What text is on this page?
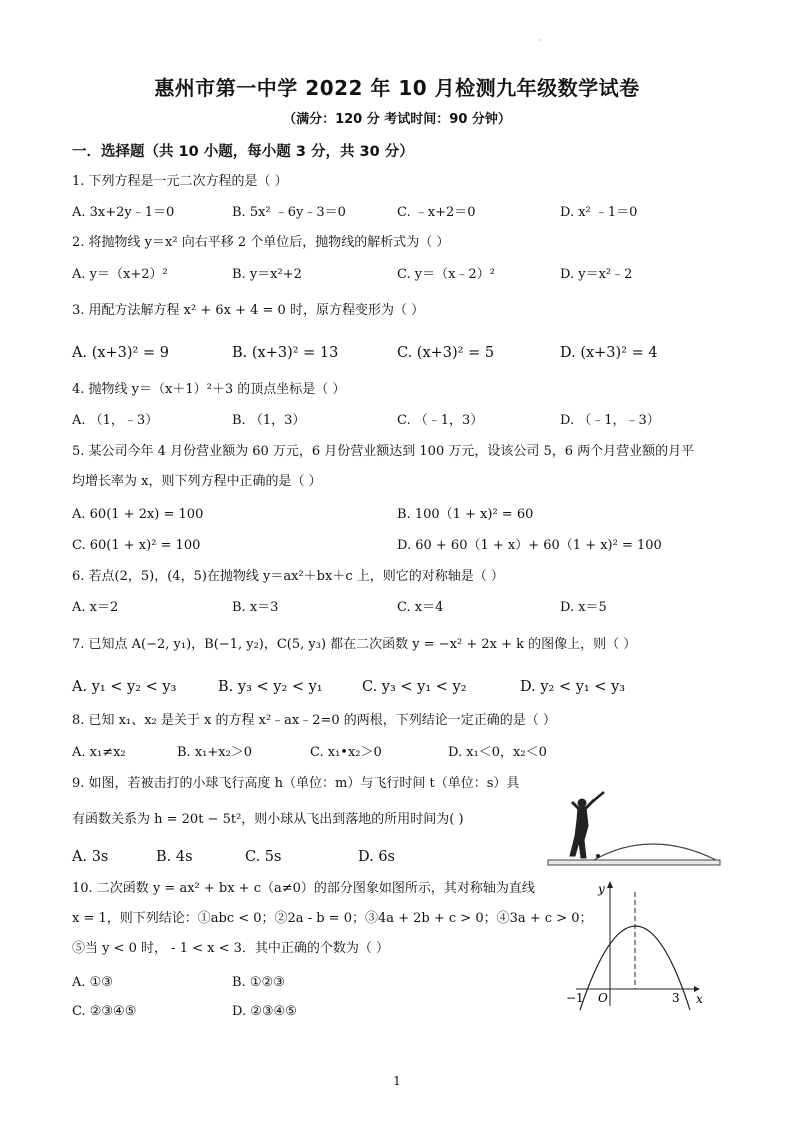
·
惠州市第一中学 2022 年 10 月检测九年级数学试卷
（满分：120 分 考试时间：90 分钟）
一．选择题（共 10 小题，每小题 3 分，共 30 分）
1. 下列方程是一元二次方程的是（ ）
A. 3x+2y﹣1＝0	B. 5x² ﹣6y﹣3＝0	C. ﹣x+2＝0	D. x² ﹣1＝0
2. 将抛物线 y＝x² 向右平移 2 个单位后，抛物线的解析式为（ ）
A. y＝（x+2）²	B. y＝x²+2	C. y＝（x﹣2）²	D. y＝x²﹣2
3. 用配方法解方程 x² + 6x + 4 = 0 时，原方程变形为（ ）
A. (x+3)² = 9	B. (x+3)² = 13	C. (x+3)² = 5	D. (x+3)² = 4
4. 抛物线 y＝（x＋1）²＋3 的顶点坐标是（ ）
A. （1，﹣3）	B. （1，3）	C. （﹣1，3）	D. （﹣1，﹣3）
5. 某公司今年 4 月份营业额为 60 万元，6 月份营业额达到 100 万元，设该公司 5，6 两个月营业额的月平
均增长率为 x，则下列方程中正确的是（ ）
A. 60(1 + 2x) = 100	B. 100（1 + x)² = 60
C. 60(1 + x)² = 100	D. 60 + 60（1 + x）+ 60（1 + x)² = 100
6. 若点(2，5)，(4，5)在抛物线 y＝ax²＋bx＋c 上，则它的对称轴是（ ）
A. x＝2	B. x＝3	C. x＝4	D. x＝5
7. 已知点 A(−2, y₁)，B(−1, y₂)，C(5, y₃) 都在二次函数 y = −x² + 2x + k 的图像上，则（ ）
A. y₁ < y₂ < y₃	B. y₃ < y₂ < y₁	C. y₃ < y₁ < y₂	D. y₂ < y₁ < y₃
8. 已知 x₁、x₂ 是关于 x 的方程 x²﹣ax﹣2=0 的两根，下列结论一定正确的是（ ）
A. x₁≠x₂	B. x₁+x₂＞0	C. x₁•x₂＞0	D. x₁＜0，x₂＜0
9. 如图，若被击打的小球飞行高度 h（单位：m）与飞行时间 t（单位：s）具
有函数关系为 h = 20t − 5t²，则小球从飞出到落地的所用时间为( )
A. 3s	B. 4s	C. 5s	D. 6s
10. 二次函数 y = ax² + bx + c（a≠0）的部分图象如图所示，其对称轴为直线
x = 1，则下列结论：①abc < 0；②2a - b = 0；③4a + 2b + c > 0；④3a + c > 0；
⑤当 y < 0 时， - 1 < x < 3．其中正确的个数为（ ）
A. ①③	B. ①②③
C. ②③④⑤	D. ②③④⑤
y
x
O
−1	3
1
